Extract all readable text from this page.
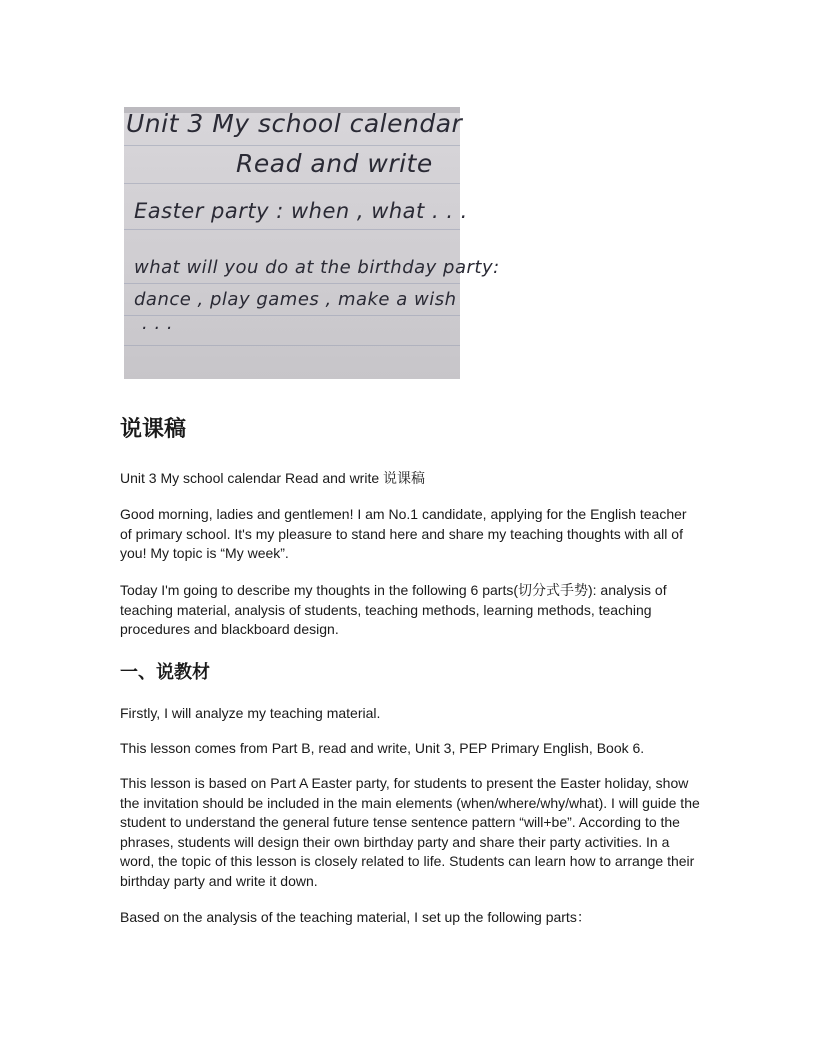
Unit 3 My school calendar
Read and write
Easter party : when , what . . .
what will you do at the birthday party:
dance , play games , make a wish
. . .
说课稿

Unit 3 My school calendar Read and write 说课稿

Good morning, ladies and gentlemen! I am No.1 candidate, applying for the English teacher of primary school. It's my pleasure to stand here and share my teaching thoughts with all of you! My topic is “My week”.

Today I'm going to describe my thoughts in the following 6 parts(切分式手势): analysis of teaching material, analysis of students, teaching methods, learning methods, teaching procedures and blackboard design.

一、说教材

Firstly, I will analyze my teaching material.

This lesson comes from Part B, read and write, Unit 3, PEP Primary English, Book 6.

This lesson is based on Part A Easter party, for students to present the Easter holiday, show the invitation should be included in the main elements (when/where/why/what). I will guide the student to understand the general future tense sentence pattern “will+be”. According to the phrases, students will design their own birthday party and share their party activities. In a word, the topic of this lesson is closely related to life. Students can learn how to arrange their birthday party and write it down.

Based on the analysis of the teaching material, I set up the following parts：
